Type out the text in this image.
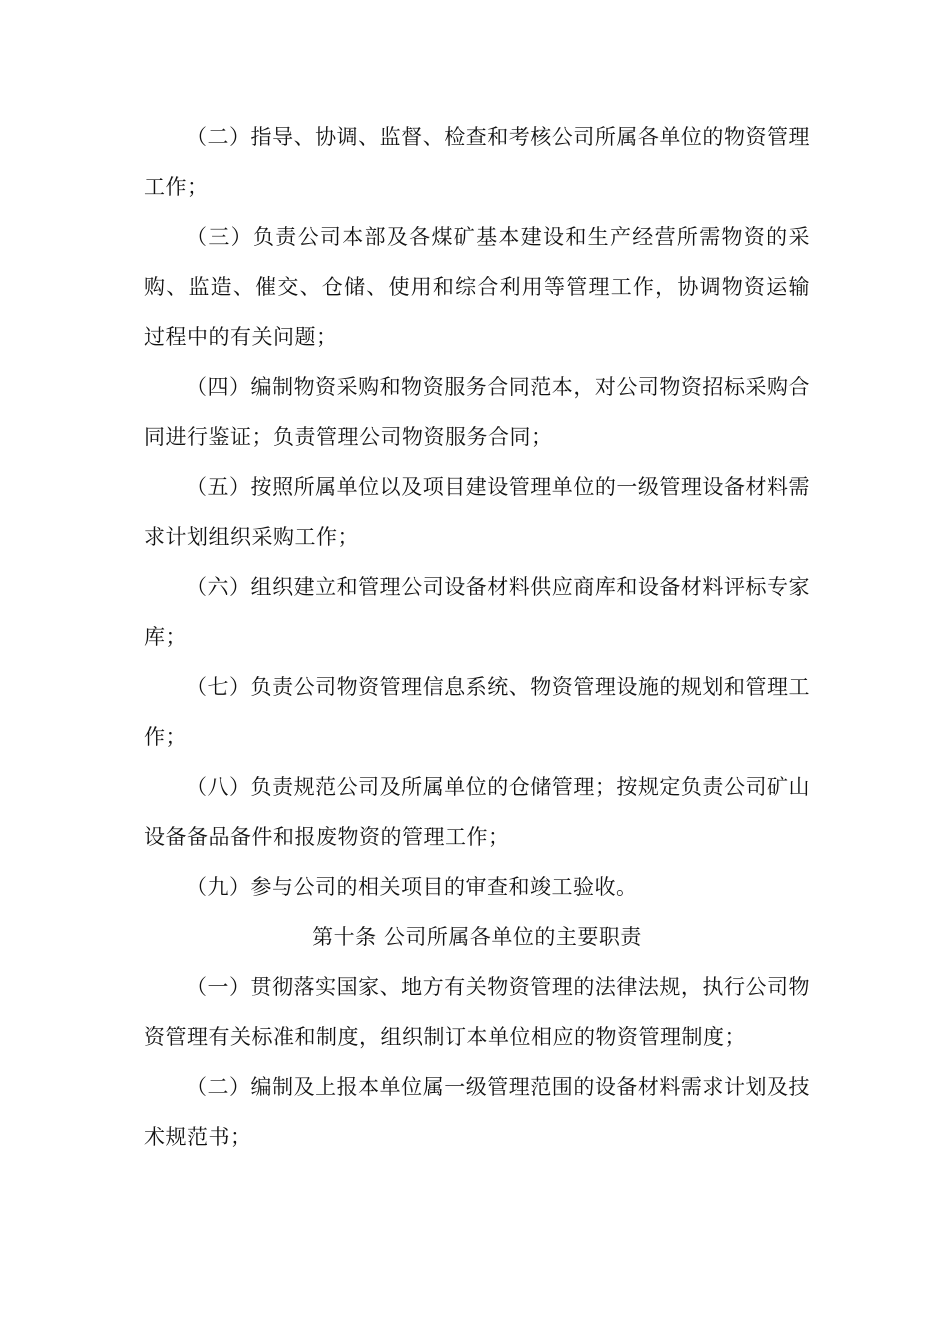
（二）指导、协调、监督、检查和考核公司所属各单位的物资管理工作；

（三）负责公司本部及各煤矿基本建设和生产经营所需物资的采购、监造、催交、仓储、使用和综合利用等管理工作，协调物资运输过程中的有关问题；

（四）编制物资采购和物资服务合同范本，对公司物资招标采购合同进行鉴证；负责管理公司物资服务合同；

（五）按照所属单位以及项目建设管理单位的一级管理设备材料需求计划组织采购工作；

（六）组织建立和管理公司设备材料供应商库和设备材料评标专家库；

（七）负责公司物资管理信息系统、物资管理设施的规划和管理工作；

（八）负责规范公司及所属单位的仓储管理；按规定负责公司矿山设备备品备件和报废物资的管理工作；

（九）参与公司的相关项目的审查和竣工验收。

第十条 公司所属各单位的主要职责

（一）贯彻落实国家、地方有关物资管理的法律法规，执行公司物资管理有关标准和制度，组织制订本单位相应的物资管理制度；

（二）编制及上报本单位属一级管理范围的设备材料需求计划及技术规范书；
